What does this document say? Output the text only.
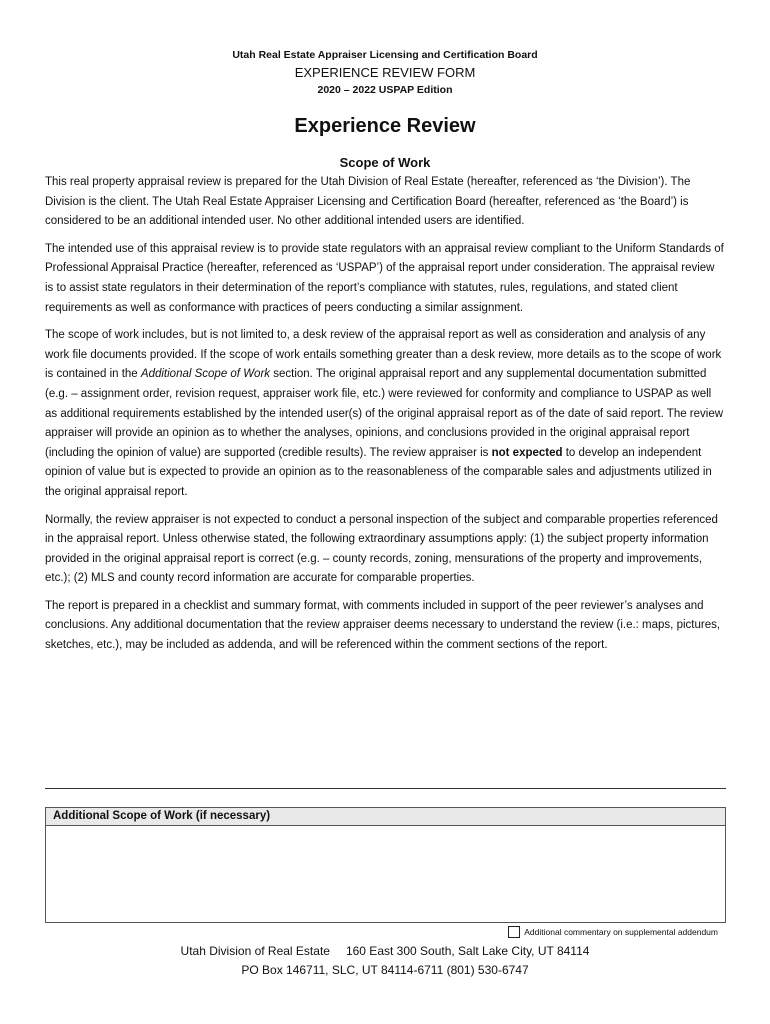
Utah Real Estate Appraiser Licensing and Certification Board
EXPERIENCE REVIEW FORM
2020 – 2022 USPAP Edition
Experience Review
Scope of Work

This real property appraisal review is prepared for the Utah Division of Real Estate (hereafter, referenced as ‘the Division’). The Division is the client. The Utah Real Estate Appraiser Licensing and Certification Board (hereafter, referenced as ‘the Board’) is considered to be an additional intended user. No other additional intended users are identified.

The intended use of this appraisal review is to provide state regulators with an appraisal review compliant to the Uniform Standards of Professional Appraisal Practice (hereafter, referenced as ‘USPAP’) of the appraisal report under consideration. The appraisal review is to assist state regulators in their determination of the report’s compliance with statutes, rules, regulations, and stated client requirements as well as conformance with practices of peers conducting a similar assignment.

The scope of work includes, but is not limited to, a desk review of the appraisal report as well as consideration and analysis of any work file documents provided. If the scope of work entails something greater than a desk review, more details as to the scope of work is contained in the Additional Scope of Work section. The original appraisal report and any supplemental documentation submitted (e.g. – assignment order, revision request, appraiser work file, etc.) were reviewed for conformity and compliance to USPAP as well as additional requirements established by the intended user(s) of the original appraisal report as of the date of said report. The review appraiser will provide an opinion as to whether the analyses, opinions, and conclusions provided in the original appraisal report (including the opinion of value) are supported (credible results). The review appraiser is not expected to develop an independent opinion of value but is expected to provide an opinion as to the reasonableness of the comparable sales and adjustments utilized in the original appraisal report.

Normally, the review appraiser is not expected to conduct a personal inspection of the subject and comparable properties referenced in the appraisal report. Unless otherwise stated, the following extraordinary assumptions apply: (1) the subject property information provided in the original appraisal report is correct (e.g. – county records, zoning, mensurations of the property and improvements, etc.); (2) MLS and county record information are accurate for comparable properties.

The report is prepared in a checklist and summary format, with comments included in support of the peer reviewer’s analyses and conclusions. Any additional documentation that the review appraiser deems necessary to understand the review (i.e.: maps, pictures, sketches, etc.), may be included as addenda, and will be referenced within the comment sections of the report.

Additional Scope of Work (if necessary)
Additional commentary on supplemental addendum
Utah Division of Real Estate 160 East 300 South, Salt Lake City, UT 84114
PO Box 146711, SLC, UT 84114-6711 (801) 530-6747
